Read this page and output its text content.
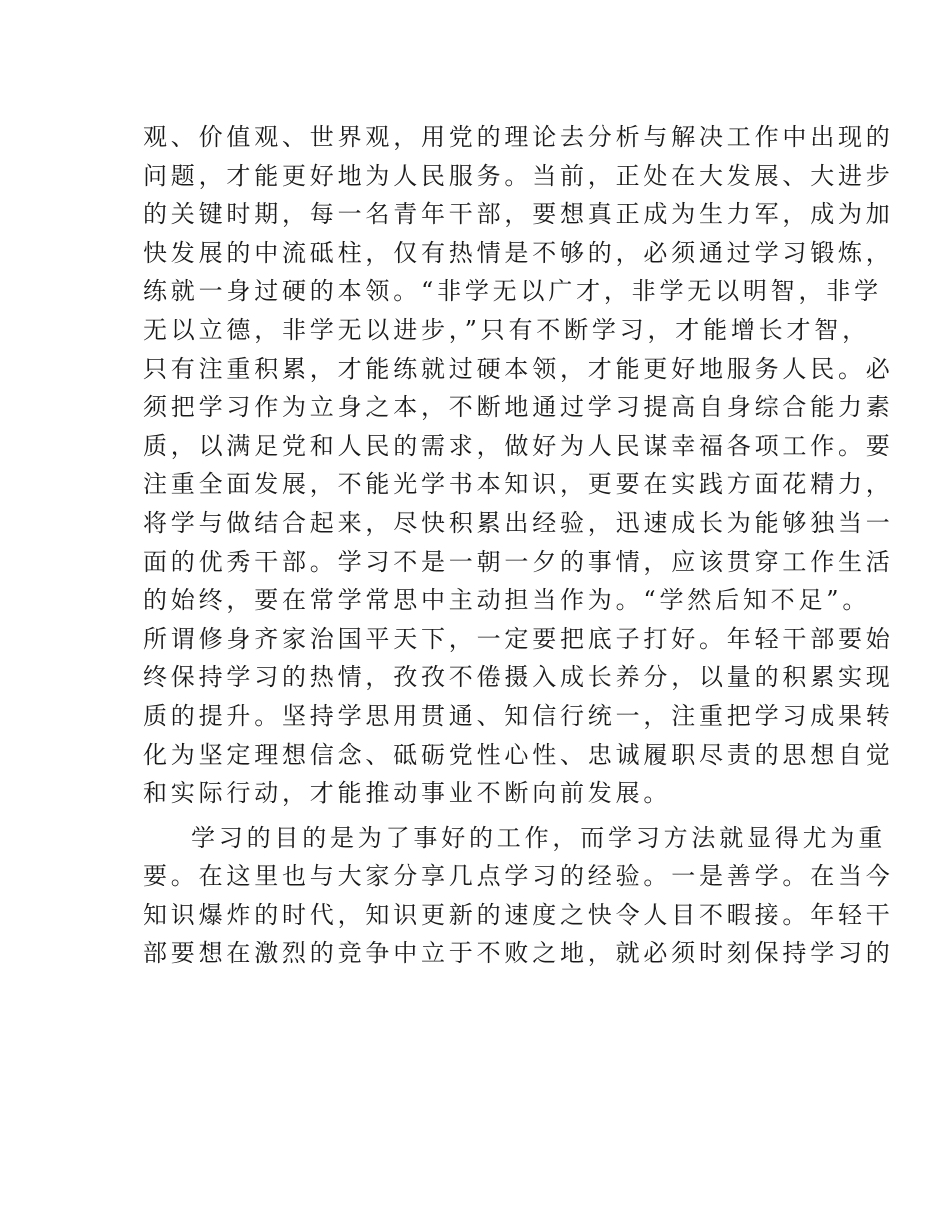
观、价值观、世界观，用党的理论去分析与解决工作中出现的
问题，才能更好地为人民服务。当前，正处在大发展、大进步
的关键时期，每一名青年干部，要想真正成为生力军，成为加
快发展的中流砥柱，仅有热情是不够的，必须通过学习锻炼，
练就一身过硬的本领。“非学无以广才，非学无以明智，非学
无以立德，非学无以进步，”只有不断学习，才能增长才智，
只有注重积累，才能练就过硬本领，才能更好地服务人民。必
须把学习作为立身之本，不断地通过学习提高自身综合能力素
质，以满足党和人民的需求，做好为人民谋幸福各项工作。要
注重全面发展，不能光学书本知识，更要在实践方面花精力，
将学与做结合起来，尽快积累出经验，迅速成长为能够独当一
面的优秀干部。学习不是一朝一夕的事情，应该贯穿工作生活
的始终，要在常学常思中主动担当作为。“学然后知不足”。
所谓修身齐家治国平天下，一定要把底子打好。年轻干部要始
终保持学习的热情，孜孜不倦摄入成长养分，以量的积累实现
质的提升。坚持学思用贯通、知信行统一，注重把学习成果转
化为坚定理想信念、砥砺党性心性、忠诚履职尽责的思想自觉
和实际行动，才能推动事业不断向前发展。
学习的目的是为了事好的工作，而学习方法就显得尤为重
要。在这里也与大家分享几点学习的经验。一是善学。在当今
知识爆炸的时代，知识更新的速度之快令人目不暇接。年轻干
部要想在激烈的竞争中立于不败之地，就必须时刻保持学习的
